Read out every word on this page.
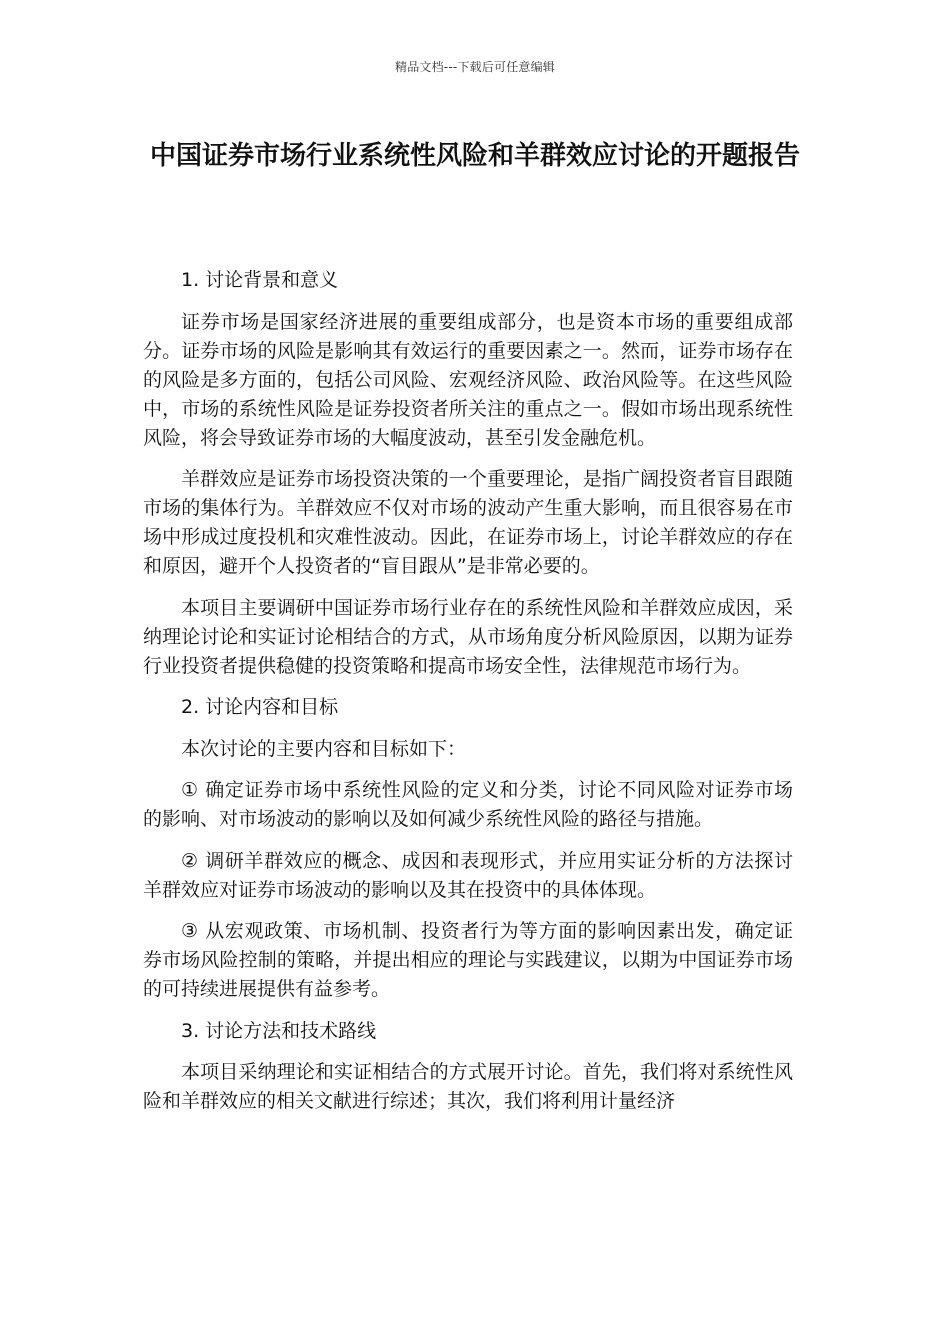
精品文档---下载后可任意编辑
中国证券市场行业系统性风险和羊群效应讨论的开题报告

1. 讨论背景和意义

证券市场是国家经济进展的重要组成部分，也是资本市场的重要组成部分。证券市场的风险是影响其有效运行的重要因素之一。然而，证券市场存在的风险是多方面的，包括公司风险、宏观经济风险、政治风险等。在这些风险中，市场的系统性风险是证券投资者所关注的重点之一。假如市场出现系统性风险，将会导致证券市场的大幅度波动，甚至引发金融危机。

羊群效应是证券市场投资决策的一个重要理论，是指广阔投资者盲目跟随市场的集体行为。羊群效应不仅对市场的波动产生重大影响，而且很容易在市场中形成过度投机和灾难性波动。因此，在证券市场上，讨论羊群效应的存在和原因，避开个人投资者的“盲目跟从”是非常必要的。

本项目主要调研中国证券市场行业存在的系统性风险和羊群效应成因，采纳理论讨论和实证讨论相结合的方式，从市场角度分析风险原因，以期为证券行业投资者提供稳健的投资策略和提高市场安全性，法律规范市场行为。

2. 讨论内容和目标

本次讨论的主要内容和目标如下：

① 确定证券市场中系统性风险的定义和分类，讨论不同风险对证券市场的影响、对市场波动的影响以及如何减少系统性风险的路径与措施。

② 调研羊群效应的概念、成因和表现形式，并应用实证分析的方法探讨羊群效应对证券市场波动的影响以及其在投资中的具体体现。

③ 从宏观政策、市场机制、投资者行为等方面的影响因素出发，确定证券市场风险控制的策略，并提出相应的理论与实践建议，以期为中国证券市场的可持续进展提供有益参考。

3. 讨论方法和技术路线

本项目采纳理论和实证相结合的方式展开讨论。首先，我们将对系统性风险和羊群效应的相关文献进行综述；其次，我们将利用计量经济
